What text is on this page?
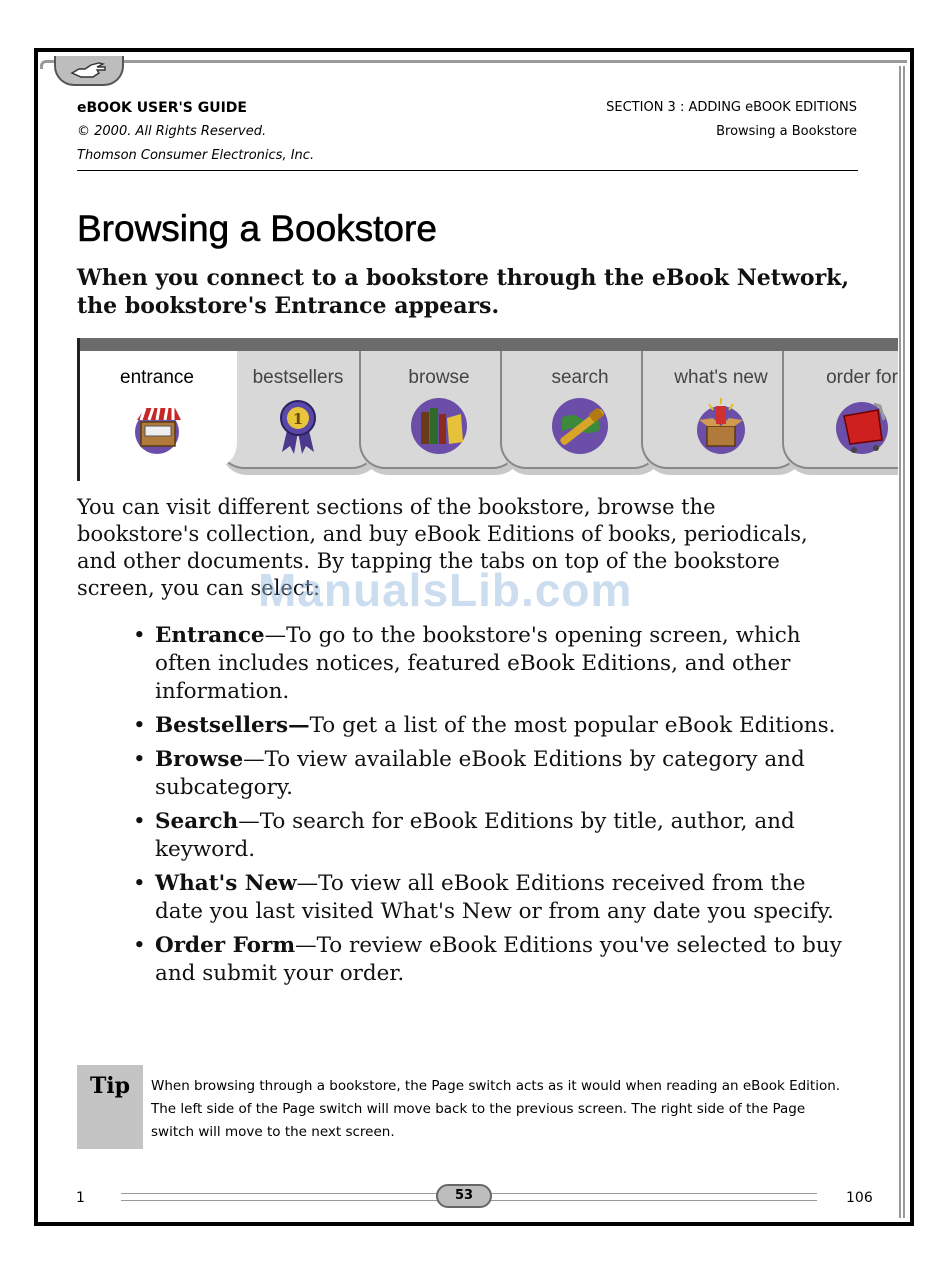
eBOOK USER'S GUIDE
© 2000. All Rights Reserved.
Thomson Consumer Electronics, Inc.
SECTION 3 : ADDING eBOOK EDITIONS
Browsing a Bookstore
Browsing a Bookstore

When you connect to a bookstore through the eBook Network, the bookstore's Entrance appears.

bestsellers
1
browse	search	what's new	order for
entrance

You can visit different sections of the bookstore, browse the bookstore's collection, and buy eBook Editions of books, periodicals, and other documents. By tapping the tabs on top of the bookstore screen, you can select:

• Entrance—To go to the bookstore's opening screen, which often includes notices, featured eBook Editions, and other information.
• Bestsellers—To get a list of the most popular eBook Editions.
• Browse—To view available eBook Editions by category and subcategory.
• Search—To search for eBook Editions by title, author, and keyword.
• What's New—To view all eBook Editions received from the date you last visited What's New or from any date you specify.
• Order Form—To review eBook Editions you've selected to buy and submit your order.
Tip	When browsing through a bookstore, the Page switch acts as it would when reading an eBook Edition. The left side of the Page switch will move back to the previous screen. The right side of the Page switch will move to the next screen.

1	53	106
ManualsLib.com
